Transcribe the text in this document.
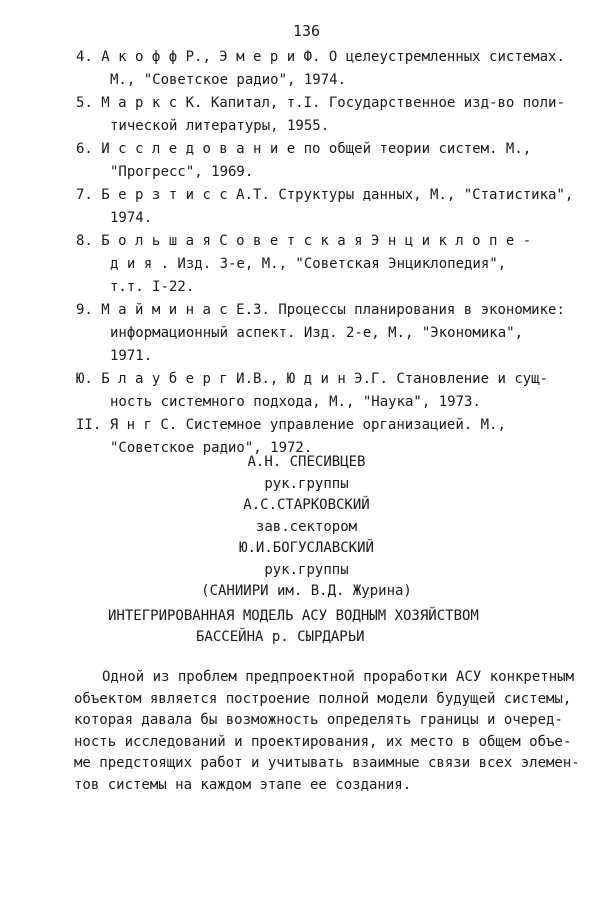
136
4. А к о ф ф Р., Э м е р и Ф. О целеустремленных системах.
М., "Советское радио", 1974.
5. М а р к с К. Капитал, т.I. Государственное изд-во поли-
тической литературы, 1955.
6. И с с л е д о в а н и е по общей теории систем. М.,
"Прогресс", 1969.
7. Б е р з т и с с А.Т. Структуры данных, М., "Статистика",
1974.
8. Б о л ь ш а я С о в е т с к а я Э н ц и к л о п е -
д и я . Изд. 3-е, М., "Советская Энциклопедия",
т.т. I-22.
9. М а й м и н а с Е.З. Процессы планирования в экономике:
информационный аспект. Изд. 2-е, М., "Экономика",
1971.
Ю. Б л а у б е р г И.В., Ю д и н Э.Г. Становление и сущ-
ность системного подхода, М., "Наука", 1973.
II. Я н г С. Системное управление организацией. М.,
"Советское радио", 1972.
А.Н. СПЕСИВЦЕВ
рук.группы
А.С.СТАРКОВСКИЙ
зав.сектором
Ю.И.БОГУСЛАВСКИЙ
рук.группы
(САНИИРИ им. В.Д. Журина)
ИНТЕГРИРОВАННАЯ МОДЕЛЬ АСУ ВОДНЫМ ХОЗЯЙСТВОМ
БАССЕЙНА р. СЫРДАРЬИ
Одной из проблем предпроектной проработки АСУ конкретным
объектом является построение полной модели будущей системы,
которая давала бы возможность определять границы и очеред-
ность исследований и проектирования, их место в общем объе-
ме предстоящих работ и учитывать взаимные связи всех элемен-
тов системы на каждом этапе ее создания.
